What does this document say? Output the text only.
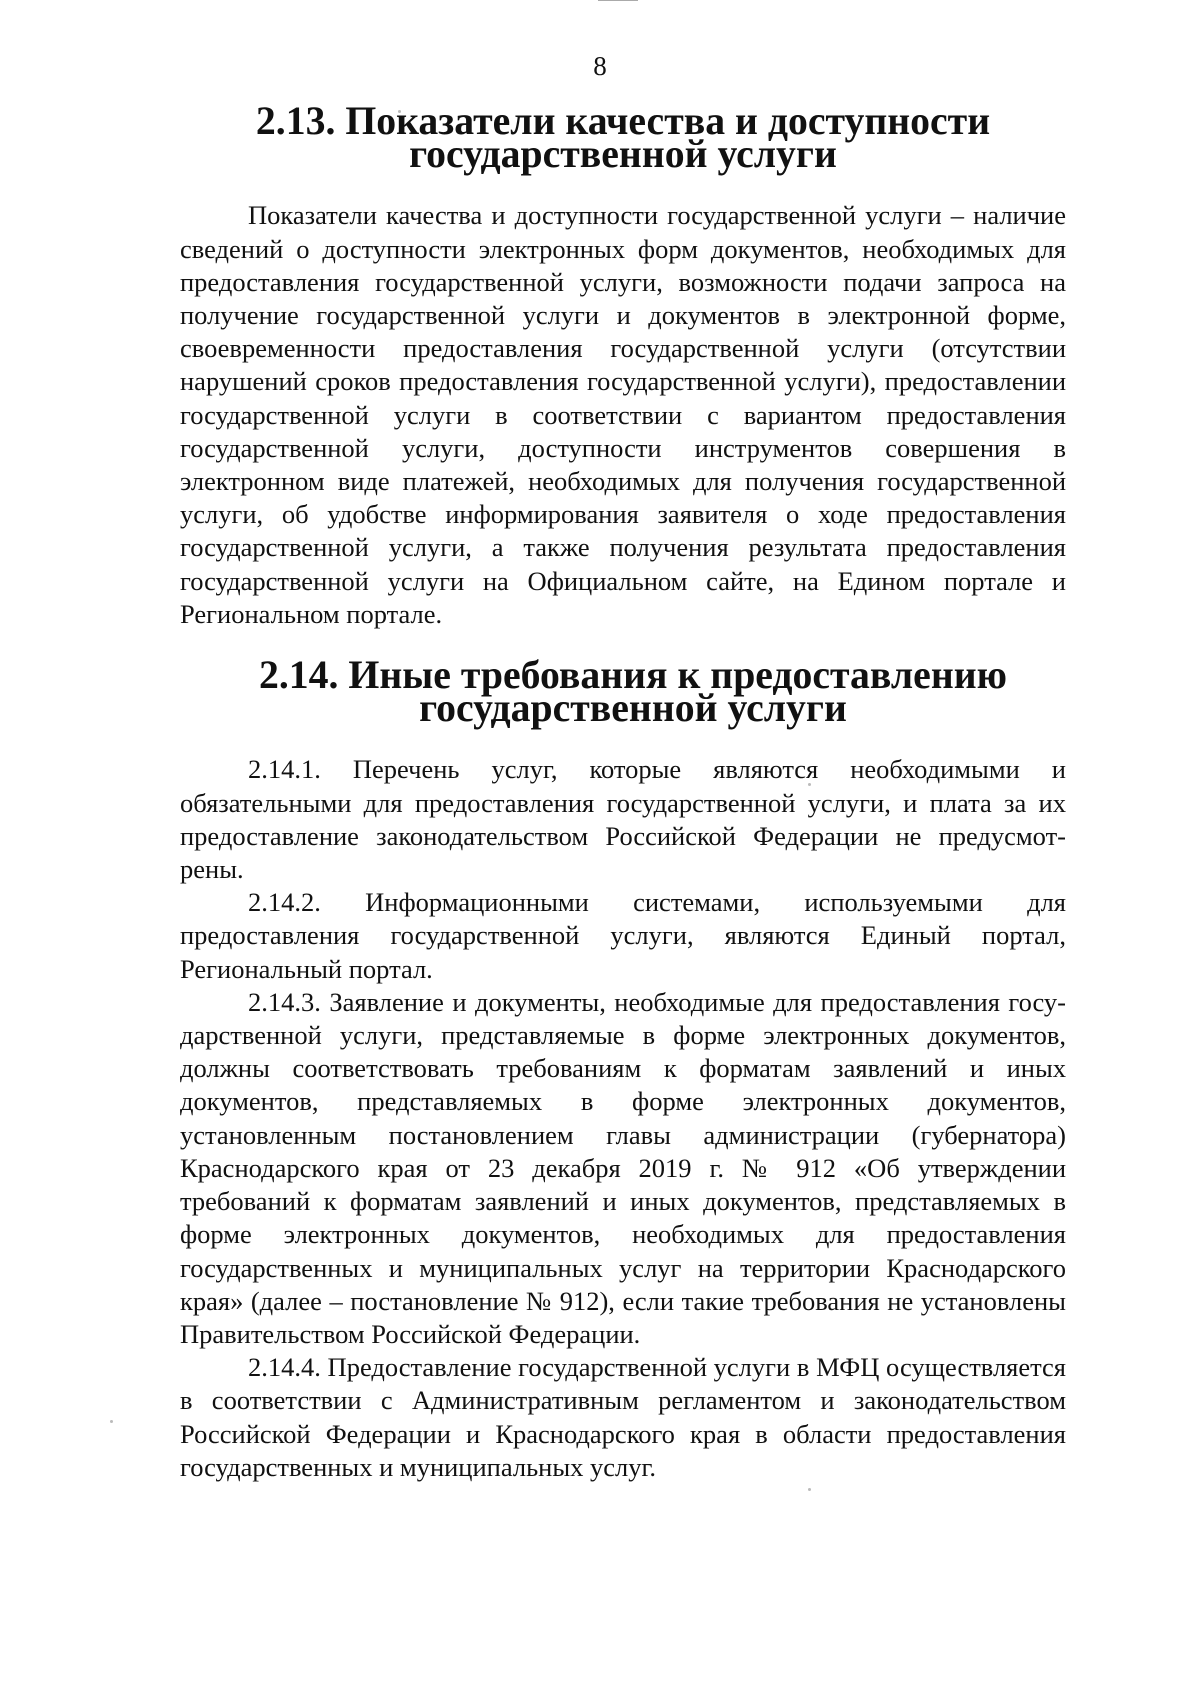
8
2.13. Показатели качества и доступности
государственной услуги

Показатели качества и доступности государственной услуги – наличие сведений о доступности электронных форм документов, необходимых для предоставления государственной услуги, возможности подачи запроса на получение государственной услуги и документов в электронной форме, своевременности предоставления государственной услуги (отсутствии нарушений сроков предоставления государственной услуги), предоставлении государственной услуги в соответствии с вариантом предоставления государственной услуги, доступности инструментов совершения в электронном виде платежей, необходимых для получения государственной услуги, об удобстве информирования заявителя о ходе предоставления государственной услуги, а также получения результата предоставления государственной услуги на Официальном сайте, на Едином портале и Региональном портале.

2.14. Иные требования к предоставлению
государственной услуги

2.14.1. Перечень услуг, которые являются необходимыми и обязательными для предоставления государственной услуги, и плата за их предоставление законодательством Российской Федерации не предусмотрены.

2.14.2. Информационными системами, используемыми для предоставления государственной услуги, являются Единый портал, Региональный портал.

2.14.3. Заявление и документы, необходимые для предоставления государственной услуги, представляемые в форме электронных документов, должны соответствовать требованиям к форматам заявлений и иных документов, представляемых в форме электронных документов, установленным постановлением главы администрации (губернатора) Краснодарского края от 23 декабря 2019 г. № 912 «Об утверждении требований к форматам заявлений и иных документов, представляемых в форме электронных документов, необходимых для предоставления государственных и муниципальных услуг на территории Краснодарского края» (далее – постановление № 912), если такие требования не установлены Правительством Российской Федерации.

2.14.4. Предоставление государственной услуги в МФЦ осуществляется в соответствии с Административным регламентом и законодательством Российской Федерации и Краснодарского края в области предоставления государственных и муниципальных услуг.
